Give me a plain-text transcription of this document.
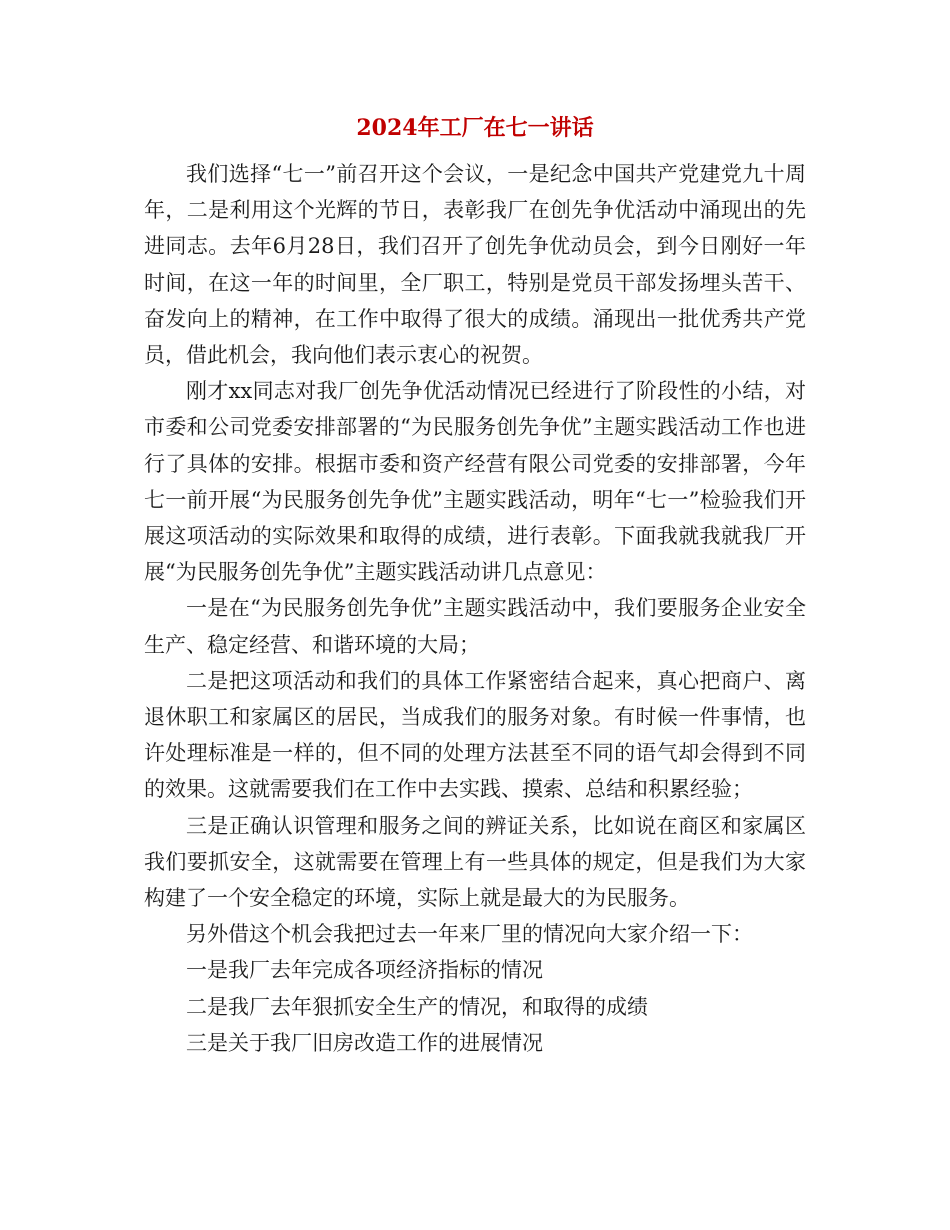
2024年工厂在七一讲话

我们选择“七一”前召开这个会议，一是纪念中国共产党建党九十周年，二是利用这个光辉的节日，表彰我厂在创先争优活动中涌现出的先进同志。去年6月28日，我们召开了创先争优动员会，到今日刚好一年时间，在这一年的时间里，全厂职工，特别是党员干部发扬埋头苦干、奋发向上的精神，在工作中取得了很大的成绩。涌现出一批优秀共产党员，借此机会，我向他们表示衷心的祝贺。

刚才xx同志对我厂创先争优活动情况已经进行了阶段性的小结，对市委和公司党委安排部署的“为民服务创先争优”主题实践活动工作也进行了具体的安排。根据市委和资产经营有限公司党委的安排部署，今年七一前开展“为民服务创先争优”主题实践活动，明年“七一”检验我们开展这项活动的实际效果和取得的成绩，进行表彰。下面我就我就我厂开展“为民服务创先争优”主题实践活动讲几点意见：

一是在“为民服务创先争优”主题实践活动中，我们要服务企业安全生产、稳定经营、和谐环境的大局；

二是把这项活动和我们的具体工作紧密结合起来，真心把商户、离退休职工和家属区的居民，当成我们的服务对象。有时候一件事情，也许处理标准是一样的，但不同的处理方法甚至不同的语气却会得到不同的效果。这就需要我们在工作中去实践、摸索、总结和积累经验；

三是正确认识管理和服务之间的辨证关系，比如说在商区和家属区我们要抓安全，这就需要在管理上有一些具体的规定，但是我们为大家构建了一个安全稳定的环境，实际上就是最大的为民服务。

另外借这个机会我把过去一年来厂里的情况向大家介绍一下：

一是我厂去年完成各项经济指标的情况

二是我厂去年狠抓安全生产的情况，和取得的成绩

三是关于我厂旧房改造工作的进展情况
